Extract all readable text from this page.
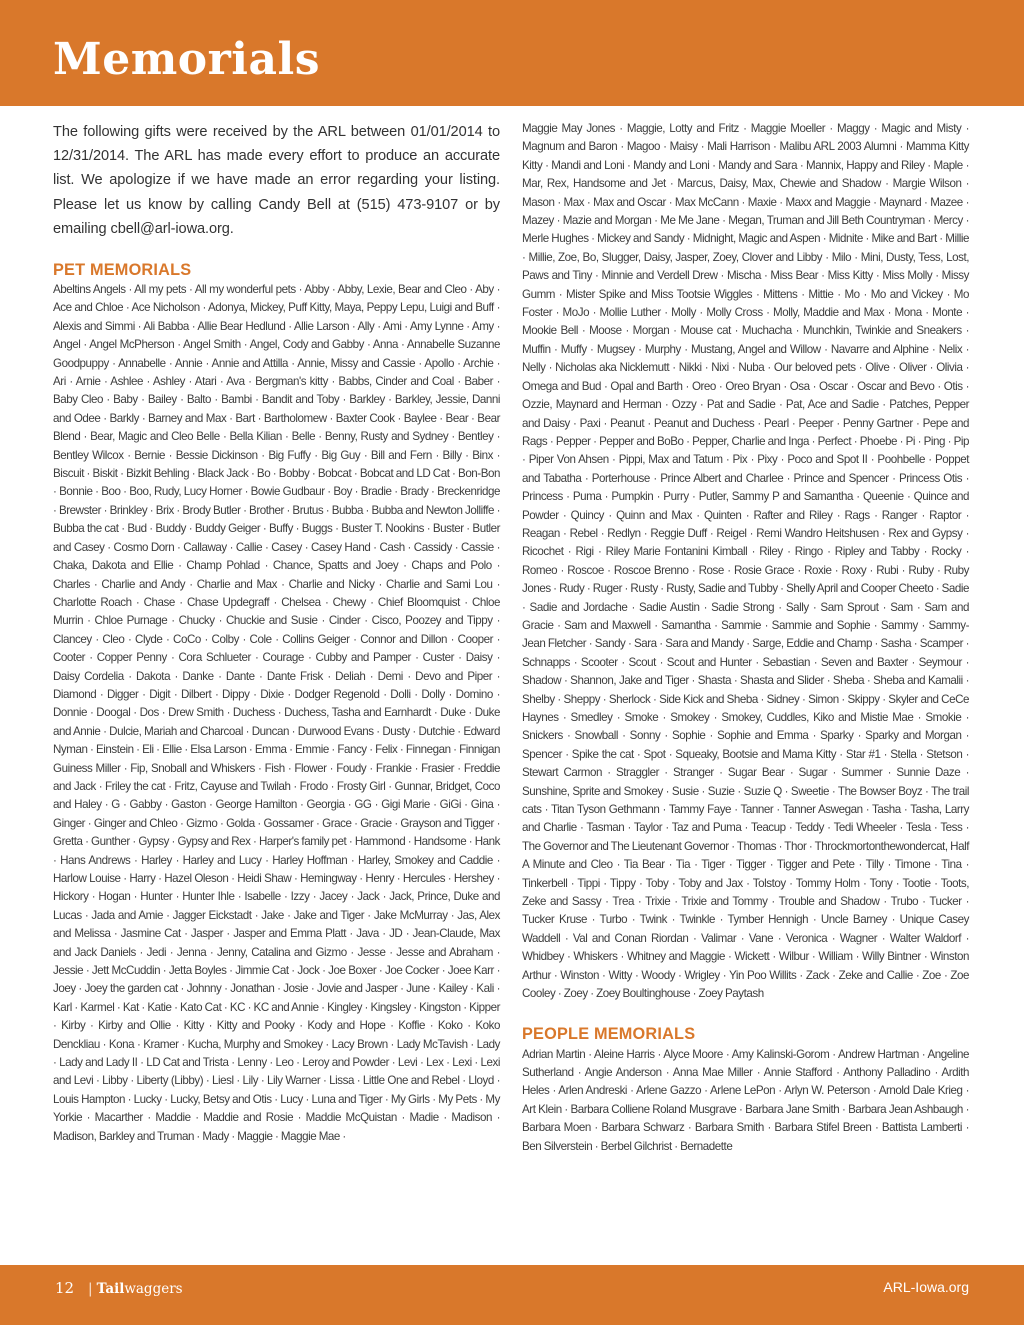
Memorials

The following gifts were received by the ARL between 01/01/2014 to 12/31/2014. The ARL has made every effort to produce an accurate list. We apologize if we have made an error regarding your listing. Please let us know by calling Candy Bell at (515) 473-9107 or by emailing cbell@arl-iowa.org.

PET MEMORIALS

Abeltins Angels · All my pets · All my wonderful pets · Abby · Abby, Lexie, Bear and Cleo · Aby · Ace and Chloe · Ace Nicholson · Adonya, Mickey, Puff Kitty, Maya, Peppy Lepu, Luigi and Buff · Alexis and Simmi · Ali Babba · Allie Bear Hedlund · Allie Larson · Ally · Ami · Amy Lynne · Amy · Angel · Angel McPherson · Angel Smith · Angel, Cody and Gabby · Anna · Annabelle Suzanne Goodpuppy · Annabelle · Annie · Annie and Attilla · Annie, Missy and Cassie · Apollo · Archie · Ari · Arnie · Ashlee · Ashley · Atari · Ava · Bergman's kitty · Babbs, Cinder and Coal · Baber · Baby Cleo · Baby · Bailey · Balto · Bambi · Bandit and Toby · Barkley · Barkley, Jessie, Danni and Odee · Barkly · Barney and Max · Bart · Bartholomew · Baxter Cook · Baylee · Bear · Bear Blend · Bear, Magic and Cleo Belle · Bella Kilian · Belle · Benny, Rusty and Sydney · Bentley · Bentley Wilcox · Bernie · Bessie Dickinson · Big Fuffy · Big Guy · Bill and Fern · Billy · Binx · Biscuit · Biskit · Bizkit Behling · Black Jack · Bo · Bobby · Bobcat · Bobcat and LD Cat · Bon-Bon · Bonnie · Boo · Boo, Rudy, Lucy Horner · Bowie Gudbaur · Boy · Bradie · Brady · Breckenridge · Brewster · Brinkley · Brix · Brody Butler · Brother · Brutus · Bubba · Bubba and Newton Jolliffe · Bubba the cat · Bud · Buddy · Buddy Geiger · Buffy · Buggs · Buster T. Nookins · Buster · Butler and Casey · Cosmo Dorn · Callaway · Callie · Casey · Casey Hand · Cash · Cassidy · Cassie · Chaka, Dakota and Ellie · Champ Pohlad · Chance, Spatts and Joey · Chaps and Polo · Charles · Charlie and Andy · Charlie and Max · Charlie and Nicky · Charlie and Sami Lou · Charlotte Roach · Chase · Chase Updegraff · Chelsea · Chewy · Chief Bloomquist · Chloe Murrin · Chloe Purnage · Chucky · Chuckie and Susie · Cinder · Cisco, Poozey and Tippy · Clancey · Cleo · Clyde · CoCo · Colby · Cole · Collins Geiger · Connor and Dillon · Cooper · Cooter · Copper Penny · Cora Schlueter · Courage · Cubby and Pamper · Custer · Daisy · Daisy Cordelia · Dakota · Danke · Dante · Dante Frisk · Deliah · Demi · Devo and Piper · Diamond · Digger · Digit · Dilbert · Dippy · Dixie · Dodger Regenold · Dolli · Dolly · Domino · Donnie · Doogal · Dos · Drew Smith · Duchess · Duchess, Tasha and Earnhardt · Duke · Duke and Annie · Dulcie, Mariah and Charcoal · Duncan · Durwood Evans · Dusty · Dutchie · Edward Nyman · Einstein · Eli · Ellie · Elsa Larson · Emma · Emmie · Fancy · Felix · Finnegan · Finnigan Guiness Miller · Fip, Snoball and Whiskers · Fish · Flower · Foudy · Frankie · Frasier · Freddie and Jack · Friley the cat · Fritz, Cayuse and Twilah · Frodo · Frosty Girl · Gunnar, Bridget, Coco and Haley · G · Gabby · Gaston · George Hamilton · Georgia · GG · Gigi Marie · GiGi · Gina · Ginger · Ginger and Chleo · Gizmo · Golda · Gossamer · Grace · Gracie · Grayson and Tigger · Gretta · Gunther · Gypsy · Gypsy and Rex · Harper's family pet · Hammond · Handsome · Hank · Hans Andrews · Harley · Harley and Lucy · Harley Hoffman · Harley, Smokey and Caddie · Harlow Louise · Harry · Hazel Oleson · Heidi Shaw · Hemingway · Henry · Hercules · Hershey · Hickory · Hogan · Hunter · Hunter Ihle · Isabelle · Izzy · Jacey · Jack · Jack, Prince, Duke and Lucas · Jada and Amie · Jagger Eickstadt · Jake · Jake and Tiger · Jake McMurray · Jas, Alex and Melissa · Jasmine Cat · Jasper · Jasper and Emma Platt · Java · JD · Jean-Claude, Max and Jack Daniels · Jedi · Jenna · Jenny, Catalina and Gizmo · Jesse · Jesse and Abraham · Jessie · Jett McCuddin · Jetta Boyles · Jimmie Cat · Jock · Joe Boxer · Joe Cocker · Joee Karr · Joey · Joey the garden cat · Johnny · Jonathan · Josie · Jovie and Jasper · June · Kailey · Kali · Karl · Karmel · Kat · Katie · Kato Cat · KC · KC and Annie · Kingley · Kingsley · Kingston · Kipper · Kirby · Kirby and Ollie · Kitty · Kitty and Pooky · Kody and Hope · Koffie · Koko · Koko Denckliau · Kona · Kramer · Kucha, Murphy and Smokey · Lacy Brown · Lady McTavish · Lady · Lady and Lady II · LD Cat and Trista · Lenny · Leo · Leroy and Powder · Levi · Lex · Lexi · Lexi and Levi · Libby · Liberty (Libby) · Liesl · Lily · Lily Warner · Lissa · Little One and Rebel · Lloyd · Louis Hampton · Lucky · Lucky, Betsy and Otis · Lucy · Luna and Tiger · My Girls · My Pets · My Yorkie · Macarther · Maddie · Maddie and Rosie · Maddie McQuistan · Madie · Madison · Madison, Barkley and Truman · Mady · Maggie · Maggie Mae ·

Maggie May Jones · Maggie, Lotty and Fritz · Maggie Moeller · Maggy · Magic and Misty · Magnum and Baron · Magoo · Maisy · Mali Harrison · Malibu ARL 2003 Alumni · Mamma Kitty Kitty · Mandi and Loni · Mandy and Loni · Mandy and Sara · Mannix, Happy and Riley · Maple · Mar, Rex, Handsome and Jet · Marcus, Daisy, Max, Chewie and Shadow · Margie Wilson · Mason · Max · Max and Oscar · Max McCann · Maxie · Maxx and Maggie · Maynard · Mazee · Mazey · Mazie and Morgan · Me Me Jane · Megan, Truman and Jill Beth Countryman · Mercy · Merle Hughes · Mickey and Sandy · Midnight, Magic and Aspen · Midnite · Mike and Bart · Millie · Millie, Zoe, Bo, Slugger, Daisy, Jasper, Zoey, Clover and Libby · Milo · Mini, Dusty, Tess, Lost, Paws and Tiny · Minnie and Verdell Drew · Mischa · Miss Bear · Miss Kitty · Miss Molly · Missy Gumm · Mister Spike and Miss Tootsie Wiggles · Mittens · Mittie · Mo · Mo and Vickey · Mo Foster · MoJo · Mollie Luther · Molly · Molly Cross · Molly, Maddie and Max · Mona · Monte · Mookie Bell · Moose · Morgan · Mouse cat · Muchacha · Munchkin, Twinkie and Sneakers · Muffin · Muffy · Mugsey · Murphy · Mustang, Angel and Willow · Navarre and Alphine · Nelix · Nelly · Nicholas aka Nicklemutt · Nikki · Nixi · Nuba · Our beloved pets · Olive · Oliver · Olivia · Omega and Bud · Opal and Barth · Oreo · Oreo Bryan · Osa · Oscar · Oscar and Bevo · Otis · Ozzie, Maynard and Herman · Ozzy · Pat and Sadie · Pat, Ace and Sadie · Patches, Pepper and Daisy · Paxi · Peanut · Peanut and Duchess · Pearl · Peeper · Penny Gartner · Pepe and Rags · Pepper · Pepper and BoBo · Pepper, Charlie and Inga · Perfect · Phoebe · Pi · Ping · Pip · Piper Von Ahsen · Pippi, Max and Tatum · Pix · Pixy · Poco and Spot II · Poohbelle · Poppet and Tabatha · Porterhouse · Prince Albert and Charlee · Prince and Spencer · Princess Otis · Princess · Puma · Pumpkin · Purry · Putler, Sammy P and Samantha · Queenie · Quince and Powder · Quincy · Quinn and Max · Quinten · Rafter and Riley · Rags · Ranger · Raptor · Reagan · Rebel · Redlyn · Reggie Duff · Reigel · Remi Wandro Heitshusen · Rex and Gypsy · Ricochet · Rigi · Riley Marie Fontanini Kimball · Riley · Ringo · Ripley and Tabby · Rocky · Romeo · Roscoe · Roscoe Brenno · Rose · Rosie Grace · Roxie · Roxy · Rubi · Ruby · Ruby Jones · Rudy · Ruger · Rusty · Rusty, Sadie and Tubby · Shelly April and Cooper Cheeto · Sadie · Sadie and Jordache · Sadie Austin · Sadie Strong · Sally · Sam Sprout · Sam · Sam and Gracie · Sam and Maxwell · Samantha · Sammie · Sammie and Sophie · Sammy · Sammy-Jean Fletcher · Sandy · Sara · Sara and Mandy · Sarge, Eddie and Champ · Sasha · Scamper · Schnapps · Scooter · Scout · Scout and Hunter · Sebastian · Seven and Baxter · Seymour · Shadow · Shannon, Jake and Tiger · Shasta · Shasta and Slider · Sheba · Sheba and Kamalii · Shelby · Sheppy · Sherlock · Side Kick and Sheba · Sidney · Simon · Skippy · Skyler and CeCe Haynes · Smedley · Smoke · Smokey · Smokey, Cuddles, Kiko and Mistie Mae · Smokie · Snickers · Snowball · Sonny · Sophie · Sophie and Emma · Sparky · Sparky and Morgan · Spencer · Spike the cat · Spot · Squeaky, Bootsie and Mama Kitty · Star #1 · Stella · Stetson · Stewart Carmon · Straggler · Stranger · Sugar Bear · Sugar · Summer · Sunnie Daze · Sunshine, Sprite and Smokey · Susie · Suzie · Suzie Q · Sweetie · The Bowser Boyz · The trail cats · Titan Tyson Gethmann · Tammy Faye · Tanner · Tanner Aswegan · Tasha · Tasha, Larry and Charlie · Tasman · Taylor · Taz and Puma · Teacup · Teddy · Tedi Wheeler · Tesla · Tess · The Governor and The Lieutenant Governor · Thomas · Thor · Throckmortonthewondercat, Half A Minute and Cleo · Tia Bear · Tia · Tiger · Tigger · Tigger and Pete · Tilly · Timone · Tina · Tinkerbell · Tippi · Tippy · Toby · Toby and Jax · Tolstoy · Tommy Holm · Tony · Tootie · Toots, Zeke and Sassy · Trea · Trixie · Trixie and Tommy · Trouble and Shadow · Trubo · Tucker · Tucker Kruse · Turbo · Twink · Twinkle · Tymber Hennigh · Uncle Barney · Unique Casey Waddell · Val and Conan Riordan · Valimar · Vane · Veronica · Wagner · Walter Waldorf · Whidbey · Whiskers · Whitney and Maggie · Wickett · Wilbur · William · Willy Bintner · Winston Arthur · Winston · Witty · Woody · Wrigley · Yin Poo Willits · Zack · Zeke and Callie · Zoe · Zoe Cooley · Zoey · Zoey Boultinghouse · Zoey Paytash

PEOPLE MEMORIALS

Adrian Martin · Aleine Harris · Alyce Moore · Amy Kalinski-Gorom · Andrew Hartman · Angeline Sutherland · Angie Anderson · Anna Mae Miller · Annie Stafford · Anthony Palladino · Ardith Heles · Arlen Andreski · Arlene Gazzo · Arlene LePon · Arlyn W. Peterson · Arnold Dale Krieg · Art Klein · Barbara Colliene Roland Musgrave · Barbara Jane Smith · Barbara Jean Ashbaugh · Barbara Moen · Barbara Schwarz · Barbara Smith · Barbara Stifel Breen · Battista Lamberti · Ben Silverstein · Berbel Gilchrist · Bernadette

12 | Tailwaggers	ARL-Iowa.org
